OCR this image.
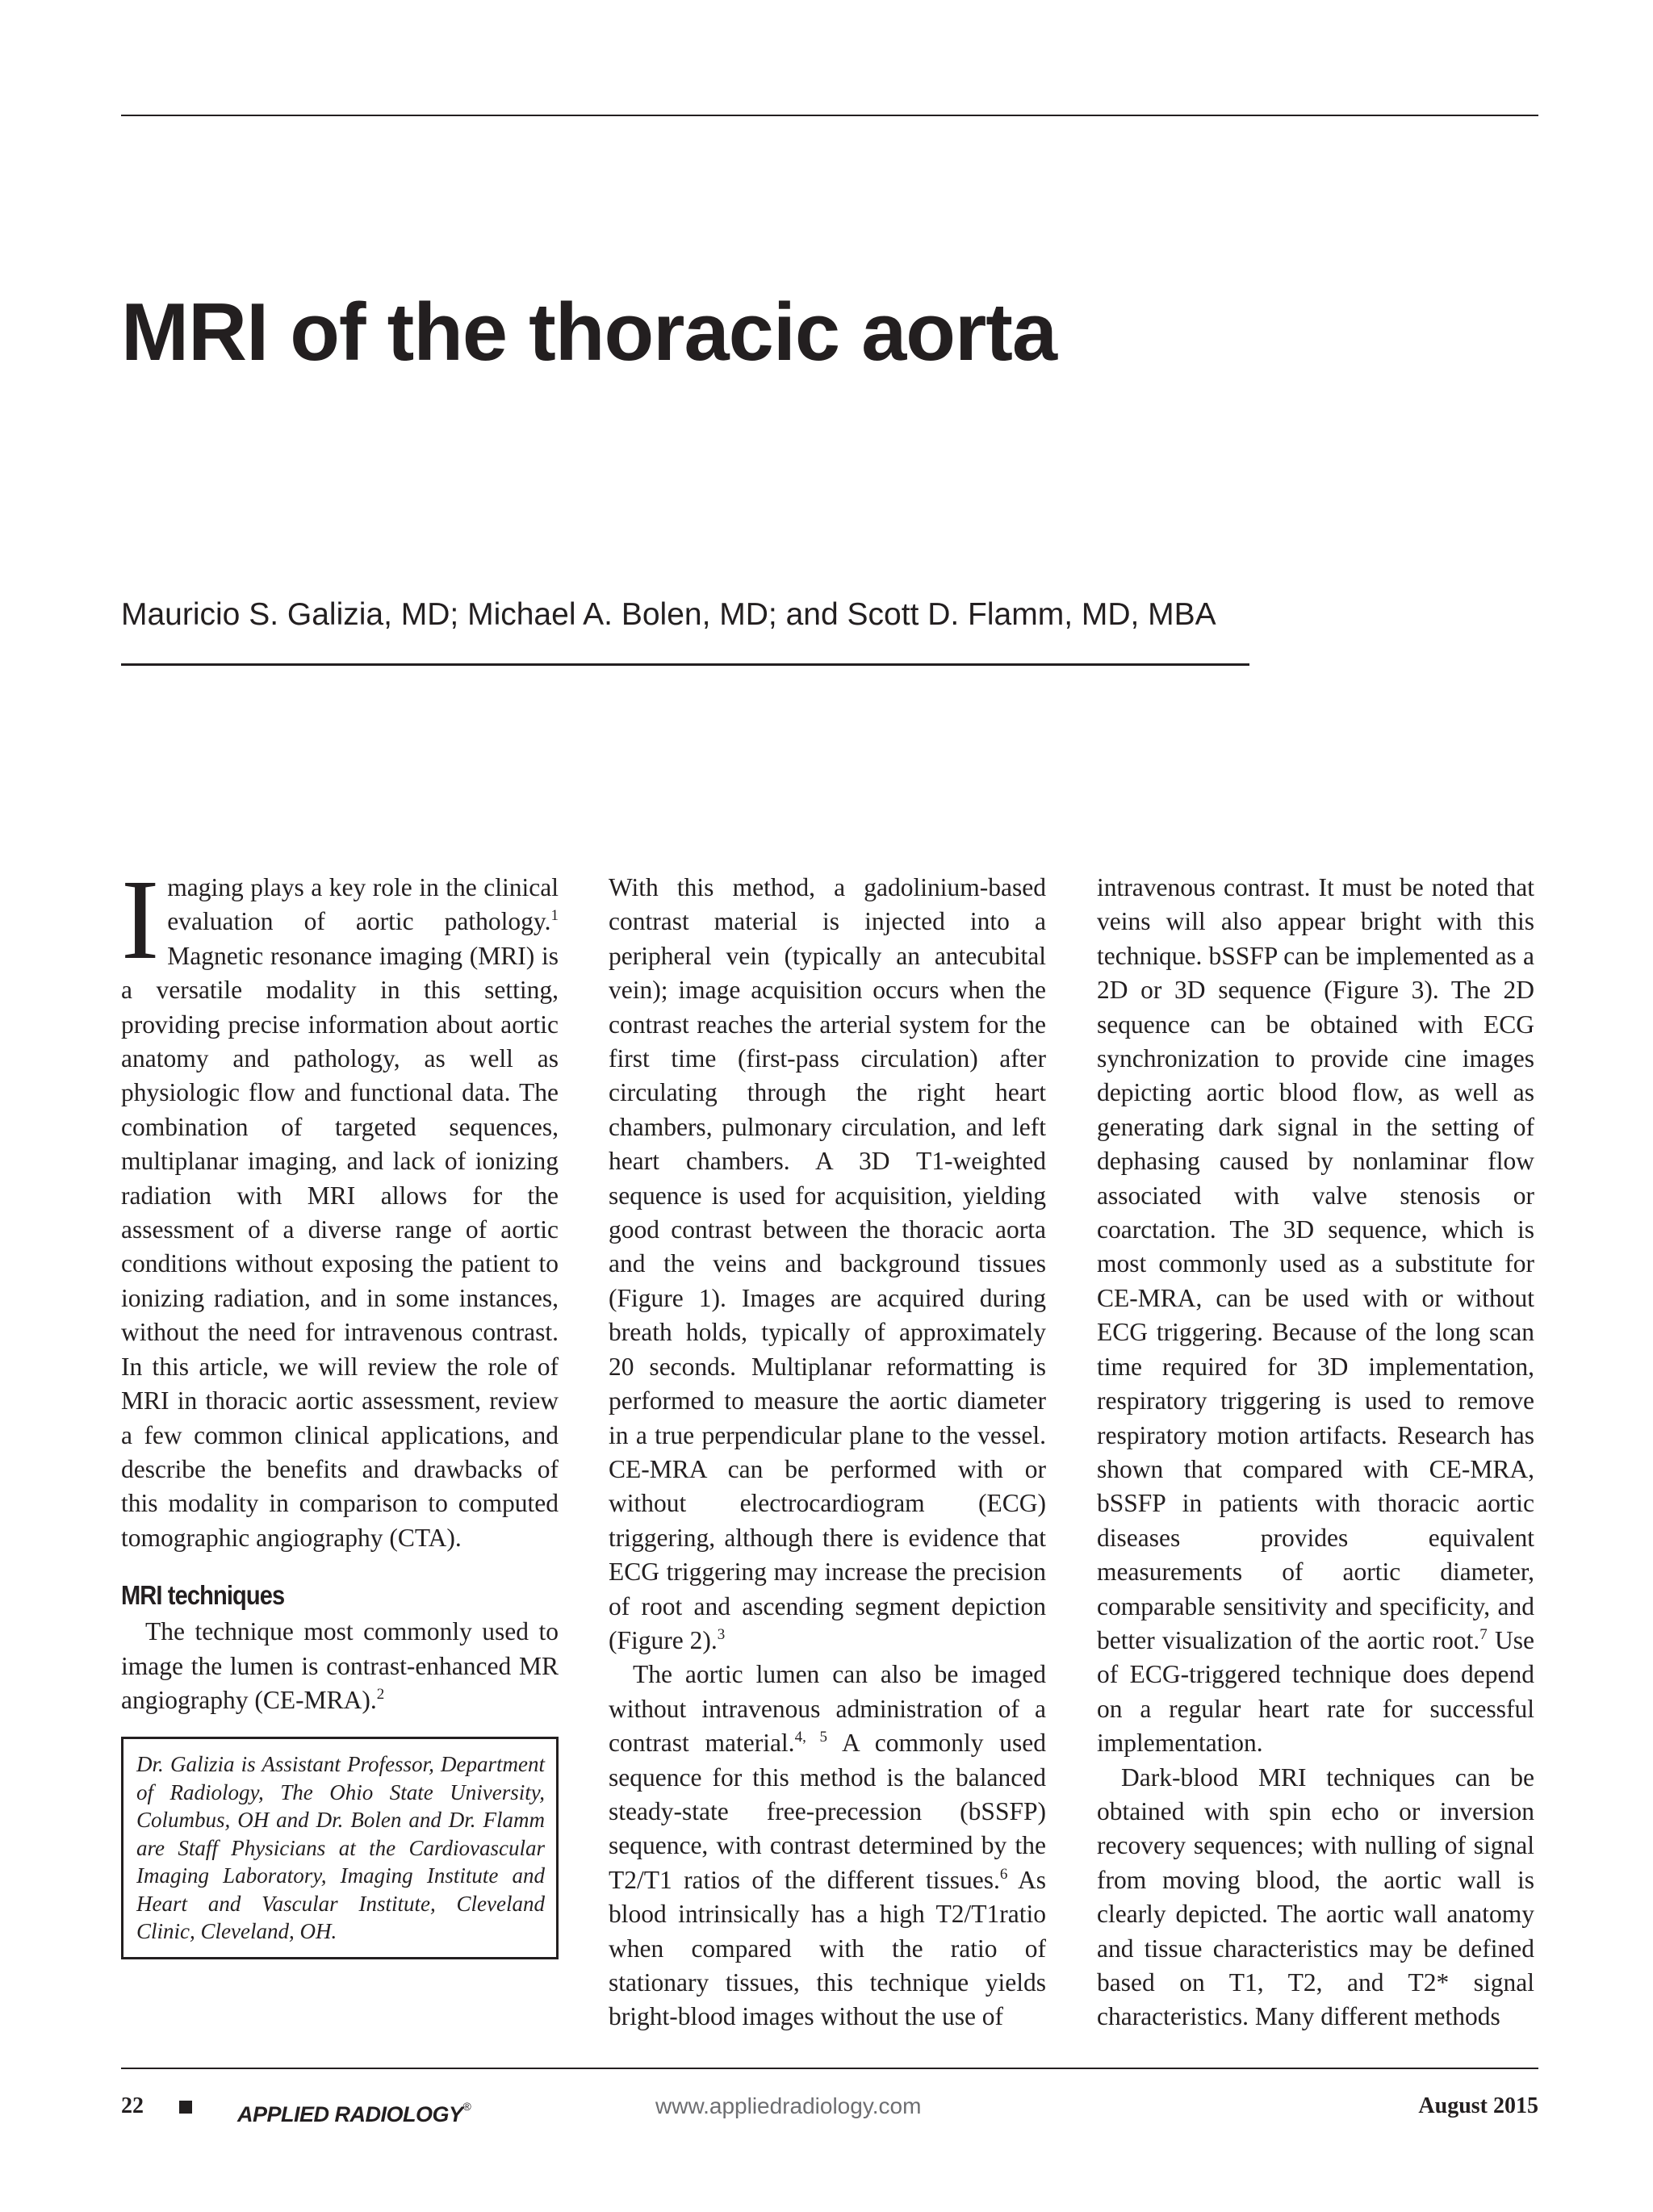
MRI of the thoracic aorta

Mauricio S. Galizia, MD; Michael A. Bolen, MD; and Scott D. Flamm, MD, MBA

Imaging plays a key role in the clinical evaluation of aortic pathology.$^1$ Magnetic resonance imaging (MRI) is a versatile modality in this setting, providing precise information about aortic anatomy and pathology, as well as physiologic flow and functional data. The combination of targeted sequences, multiplanar imaging, and lack of ionizing radiation with MRI allows for the assessment of a diverse range of aortic conditions without exposing the patient to ionizing radiation, and in some instances, without the need for intravenous contrast. In this article, we will review the role of MRI in thoracic aortic assessment, review a few common clinical applications, and describe the benefits and drawbacks of this modality in comparison to computed tomographic angiography (CTA).

MRI techniques

The technique most commonly used to image the lumen is contrast-enhanced MR angiography (CE-MRA).$^2$

Dr. Galizia is Assistant Professor, Department of Radiology, The Ohio State University, Columbus, OH and Dr. Bolen and Dr. Flamm are Staff Physicians at the Cardiovascular Imaging Laboratory, Imaging Institute and Heart and Vascular Institute, Cleveland Clinic, Cleveland, OH.

With this method, a gadolinium-based contrast material is injected into a peripheral vein (typically an antecubital vein); image acquisition occurs when the contrast reaches the arterial system for the first time (first-pass circulation) after circulating through the right heart chambers, pulmonary circulation, and left heart chambers. A 3D T1-weighted sequence is used for acquisition, yielding good contrast between the thoracic aorta and the veins and background tissues (Figure 1). Images are acquired during breath holds, typically of approximately 20 seconds. Multiplanar reformatting is performed to measure the aortic diameter in a true perpendicular plane to the vessel. CE-MRA can be performed with or without electrocardiogram (ECG) triggering, although there is evidence that ECG triggering may increase the precision of root and ascending segment depiction (Figure 2).$^3$

The aortic lumen can also be imaged without intravenous administration of a contrast material.$^{4, 5}$ A commonly used sequence for this method is the balanced steady-state free-precession (bSSFP) sequence, with contrast determined by the T2/T1 ratios of the different tissues.$^6$ As blood intrinsically has a high T2/T1ratio when compared with the ratio of stationary tissues, this technique yields bright-blood images without the use of

intravenous contrast. It must be noted that veins will also appear bright with this technique. bSSFP can be implemented as a 2D or 3D sequence (Figure 3). The 2D sequence can be obtained with ECG synchronization to provide cine images depicting aortic blood flow, as well as generating dark signal in the setting of dephasing caused by nonlaminar flow associated with valve stenosis or coarctation. The 3D sequence, which is most commonly used as a substitute for CE-MRA, can be used with or without ECG triggering. Because of the long scan time required for 3D implementation, respiratory triggering is used to remove respiratory motion artifacts. Research has shown that compared with CE-MRA, bSSFP in patients with thoracic aortic diseases provides equivalent measurements of aortic diameter, comparable sensitivity and specificity, and better visualization of the aortic root.$^7$ Use of ECG-triggered technique does depend on a regular heart rate for successful implementation.

Dark-blood MRI techniques can be obtained with spin echo or inversion recovery sequences; with nulling of signal from moving blood, the aortic wall is clearly depicted. The aortic wall anatomy and tissue characteristics may be defined based on T1, T2, and T2* signal characteristics. Many different methods

22	APPLIED RADIOLOGY®	www.appliedradiology.com	August 2015
